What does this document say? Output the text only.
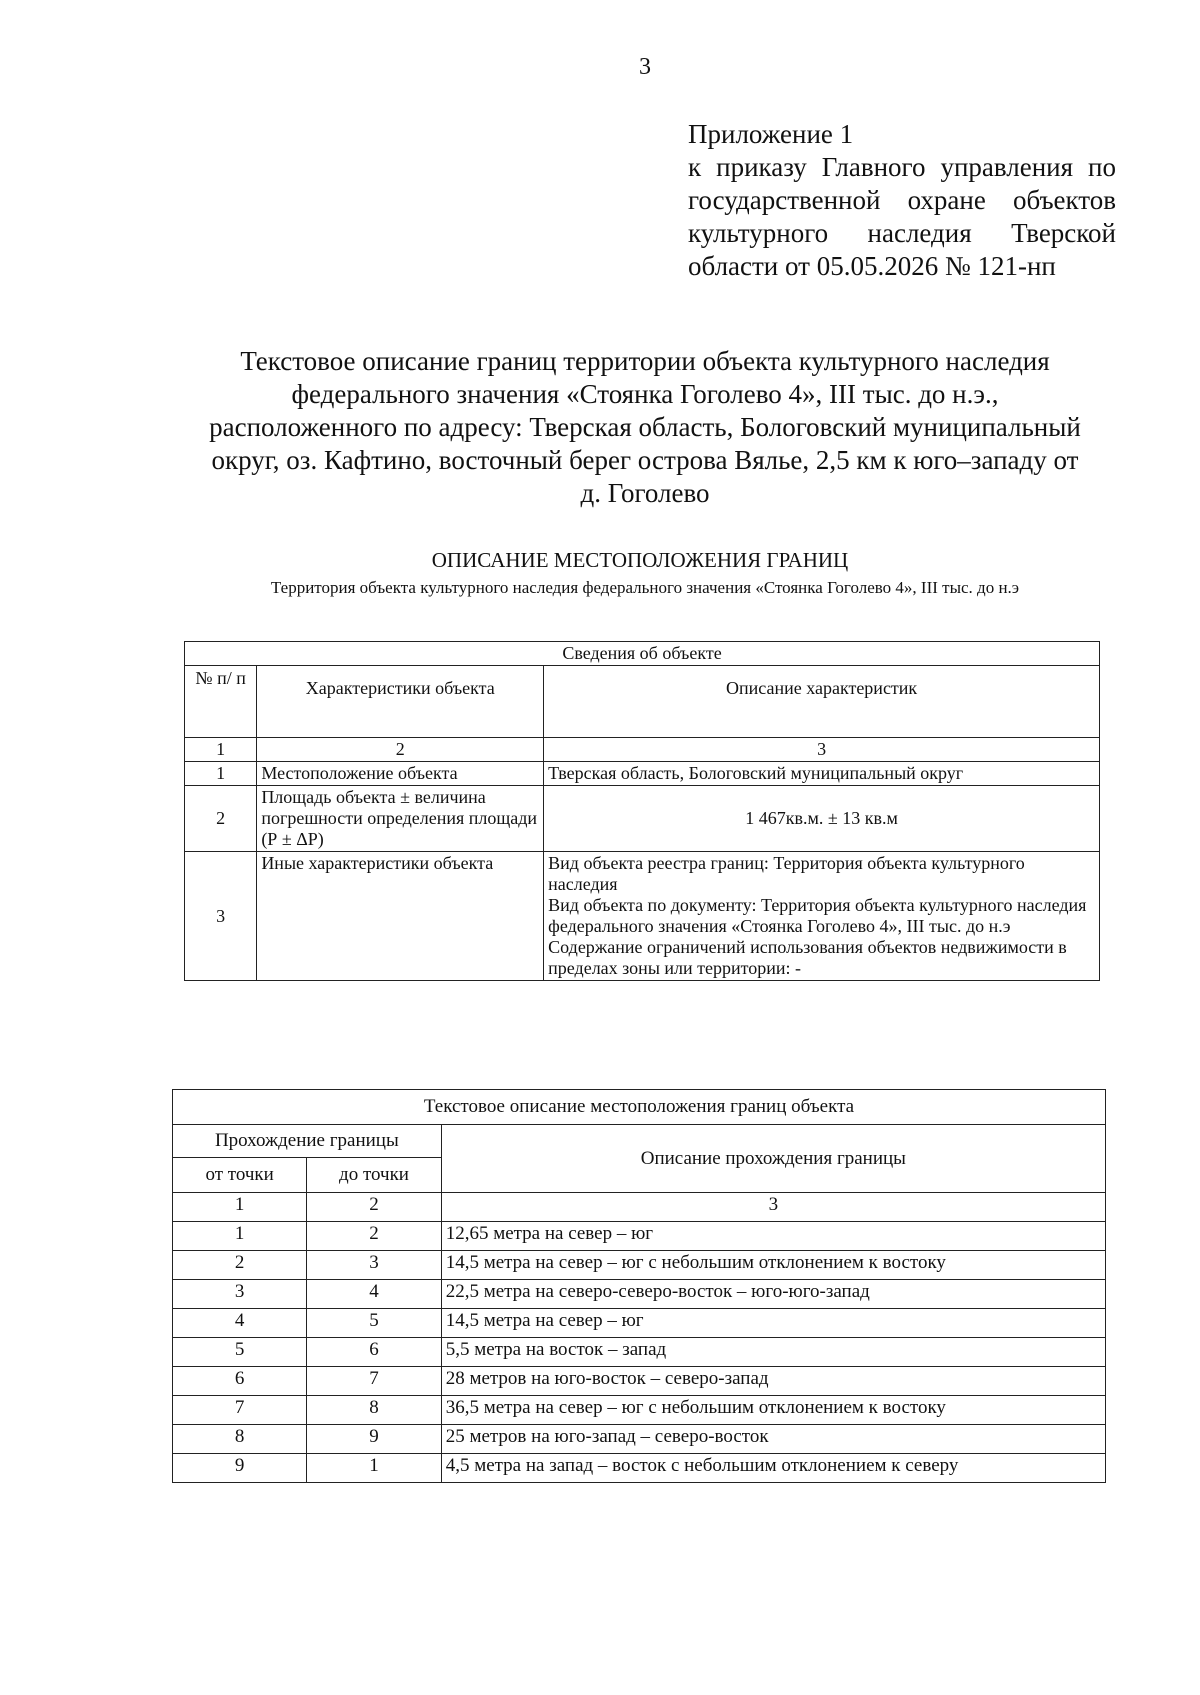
3
Приложение 1
к приказу Главного управления по
государственной охране объектов
культурного наследия Тверской
области от 05.05.2026 № 121-нп
Текстовое описание границ территории объекта культурного наследия
федерального значения «Стоянка Гоголево 4», III тыс. до н.э.,
расположенного по адресу: Тверская область, Бологовский муниципальный
округ, оз. Кафтино, восточный берег острова Вялье, 2,5 км к юго–западу от
д. Гоголево
ОПИСАНИЕ МЕСТОПОЛОЖЕНИЯ ГРАНИЦ
Территория объекта культурного наследия федерального значения «Стоянка Гоголево 4», III тыс. до н.э
Сведения об объекте		
№ п/ п	Характеристики объекта	Описание характеристик
1	2	3
1	Местоположение объекта	Тверская область, Бологовский муниципальный округ
2	Площадь объекта ± величина погрешности определения площади (Р ± ΔР)	1 467кв.м. ± 13 кв.м
3	Иные характеристики объекта	Вид объекта реестра границ: Территория объекта культурного наследия
Вид объекта по документу: Территория объекта культурного наследия федерального значения «Стоянка Гоголево 4», III тыс. до н.э
Содержание ограничений использования объектов недвижимости в пределах зоны или территории: -
Текстовое описание местоположения границ объекта		
Прохождение границы		Описание прохождения границы
от точки	до точки	
1	2	3
1	2	12,65 метра на север – юг
2	3	14,5 метра на север – юг с небольшим отклонением к востоку
3	4	22,5 метра на северо-северо-восток – юго-юго-запад
4	5	14,5 метра на север – юг
5	6	5,5 метра на восток – запад
6	7	28 метров на юго-восток – северо-запад
7	8	36,5 метра на север – юг с небольшим отклонением к востоку
8	9	25 метров на юго-запад – северо-восток
9	1	4,5 метра на запад – восток с небольшим отклонением к северу
